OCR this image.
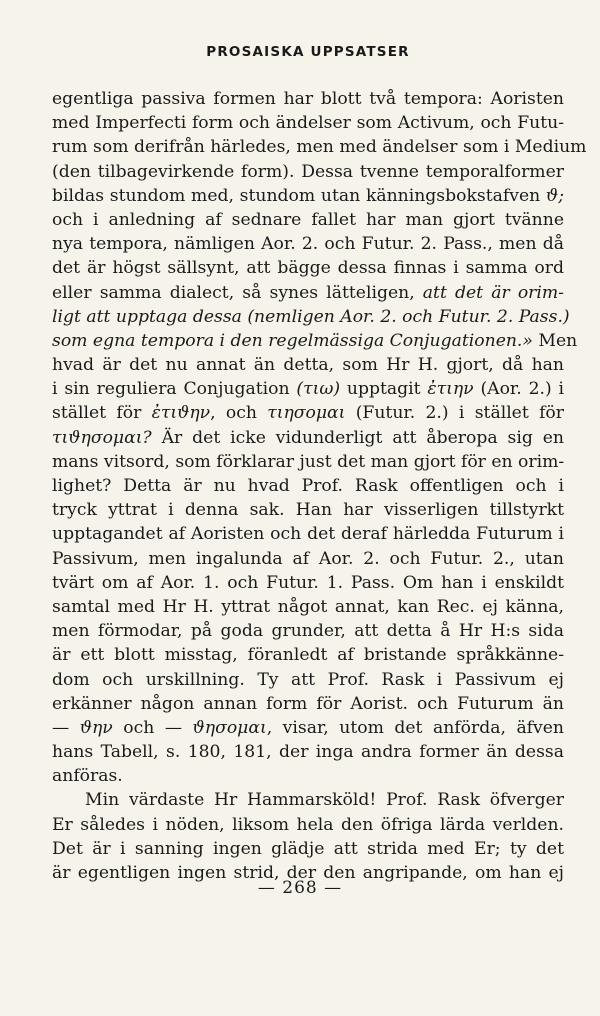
PROSAISKA UPPSATSER
egentliga passiva formen har blott två tempora: Aoristen
med Imperfecti form och ändelser som Activum, och Futu-
rum som derifrån härledes, men med ändelser som i Medium
(den tilbagevirkende form). Dessa tvenne temporalformer
bildas stundom med, stundom utan känningsbokstafven ϑ;
och i anledning af sednare fallet har man gjort tvänne
nya tempora, nämligen Aor. 2. och Futur. 2. Pass., men då
det är högst sällsynt, att bägge dessa finnas i samma ord
eller samma dialect, så synes lätteligen, att det är orim-
ligt att upptaga dessa (nemligen Aor. 2. och Futur. 2. Pass.)
som egna tempora i den regelmässiga Conjugationen.» Men
hvad är det nu annat än detta, som Hr H. gjort, då han
i sin reguliera Conjugation (τιω) upptagit ἐτιην (Aor. 2.) i
stället för ἐτιϑην, och τιησομαι (Futur. 2.) i stället för
τιϑησομαι? Är det icke vidunderligt att åberopa sig en
mans vitsord, som förklarar just det man gjort för en orim-
lighet? Detta är nu hvad Prof. Rask offentligen och i
tryck yttrat i denna sak. Han har visserligen tillstyrkt
upptagandet af Aoristen och det deraf härledda Futurum i
Passivum, men ingalunda af Aor. 2. och Futur. 2., utan
tvärt om af Aor. 1. och Futur. 1. Pass. Om han i enskildt
samtal med Hr H. yttrat något annat, kan Rec. ej känna,
men förmodar, på goda grunder, att detta å Hr H:s sida
är ett blott misstag, föranledt af bristande språkkänne-
dom och urskillning. Ty att Prof. Rask i Passivum ej
erkänner någon annan form för Aorist. och Futurum än
— ϑην och — ϑησομαι, visar, utom det anförda, äfven
hans Tabell, s. 180, 181, der inga andra former än dessa
anföras.
Min värdaste Hr Hammarsköld! Prof. Rask öfverger
Er således i nöden, liksom hela den öfriga lärda verlden.
Det är i sanning ingen glädje att strida med Er; ty det
är egentligen ingen strid, der den angripande, om han ej
— 268 —
